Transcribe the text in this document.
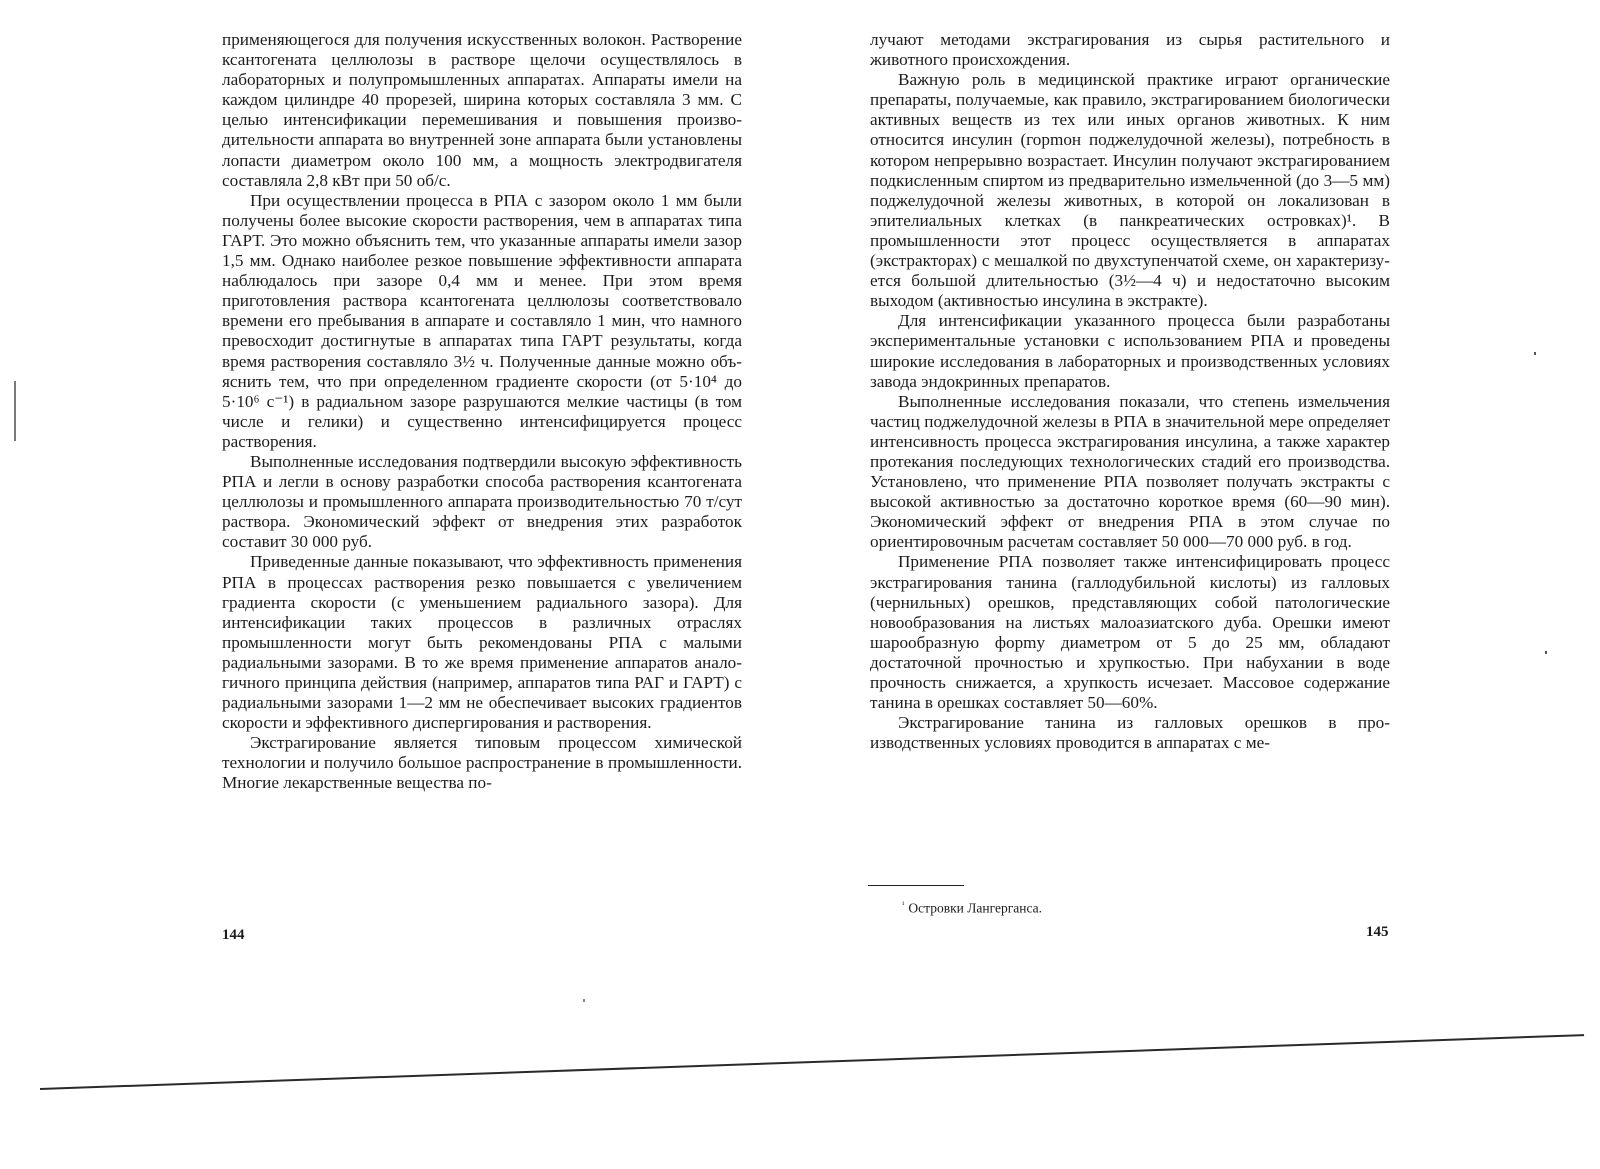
применяющегося для получения искусственных волокон. Растворение ксантогената целлюлозы в растворе щелочи осуществлялось в лабораторных и полупромышленных аппаратах. Аппараты имели на каждом цилиндре 40 прорезей, ширина которых составляла 3 мм. С целью интенсификации перемешивания и повышения производительности аппарата во внутренней зоне аппарата были установлены лопасти диаметром около 100 мм, а мощность электродвигателя составляла 2,8 кВт при 50 об/с.

При осуществлении процесса в РПА с зазором около 1 мм были получены более высокие скорости растворения, чем в аппаратах типа ГАРТ. Это можно объяснить тем, что указанные аппараты имели зазор 1,5 мм. Однако наиболее резкое повышение эффективности аппарата наблюдалось при зазоре 0,4 мм и менее. При этом время приготовления раствора ксантогената целлюлозы соответствовало времени его пребывания в аппарате и составляло 1 мин, что намного превосходит достигнутые в аппаратах типа ГАРТ результаты, когда время растворения составляло 3½ ч. Полученные данные можно объяснить тем, что при определенном градиенте скорости (от 5·10⁴ до 5·10⁶ с⁻¹) в радиальном зазоре разрушаются мелкие частицы (в том числе и гелики) и существенно интенсифицируется процесс растворения.

Выполненные исследования подтвердили высокую эффективность РПА и легли в основу разработки способа растворения ксантогената целлюлозы и промышленного аппарата производительностью 70 т/сут раствора. Экономический эффект от внедрения этих разработок составит 30 000 руб.

Приведенные данные показывают, что эффективность применения РПА в процессах растворения резко повышается с увеличением градиента скорости (с уменьшением радиального зазора). Для интенсификации таких процессов в различных отраслях промышленности могут быть рекомендованы РПА с малыми радиальными зазорами. В то же время применение аппаратов аналогичного принципа действия (например, аппаратов типа РАГ и ГАРТ) с радиальными зазорами 1—2 мм не обеспечивает высоких градиентов скорости и эффективного диспергирования и растворения.

Экстрагирование является типовым процессом химической технологии и получило большое распространение в промышленности. Многие лекарственные вещества по-

144

лучают методами экстрагирования из сырья растительного и животного происхождения.

Важную роль в медицинской практике играют органические препараты, получаемые, как правило, экстрагированием биологически активных веществ из тех или иных органов животных. К ним относится инсулин (горmон поджелудочной железы), потребность в котором непрерывно возрастает. Инсулин получают экстрагированием подкисленным спиртом из предварительно измельченной (до 3—5 мм) поджелудочной железы животных, в которой он локализован в эпителиальных клетках (в панкреатических островках)¹. В промышленности этот процесс осуществляется в аппаратах (экстракторах) с мешалкой по двухступенчатой схеме, он характеризуется большой длительностью (3½—4 ч) и недостаточно высоким выходом (активностью инсулина в экстракте).

Для интенсификации указанного процесса были разработаны экспериментальные установки с использованием РПА и проведены широкие исследования в лабораторных и производственных условиях завода эндокринных препаратов.

Выполненные исследования показали, что степень измельчения частиц поджелудочной железы в РПА в значительной мере определяет интенсивность процесса экстрагирования инсулина, а также характер протекания последующих технологических стадий его производства. Установлено, что применение РПА позволяет получать экстракты с высокой активностью за достаточно короткое время (60—90 мин). Экономический эффект от внедрения РПА в этом случае по ориентировочным расчетам составляет 50 000—70 000 руб. в год.

Применение РПА позволяет также интенсифицировать процесс экстрагирования танина (галлодубильной кислоты) из галловых (чернильных) орешков, представляющих собой патологические новообразования на листьях малоазиатского дуба. Орешки имеют шарообразную форmу диаметром от 5 до 25 мм, обладают достаточной прочностью и хрупкостью. При набухании в воде прочность снижается, а хрупкость исчезает. Массовое содержание танина в орешках составляет 50—60%.

Экстрагирование танина из галловых орешков в производственных условиях проводится в аппаратах с ме-

$^{^1}$ Островки Лангерганса.
145
